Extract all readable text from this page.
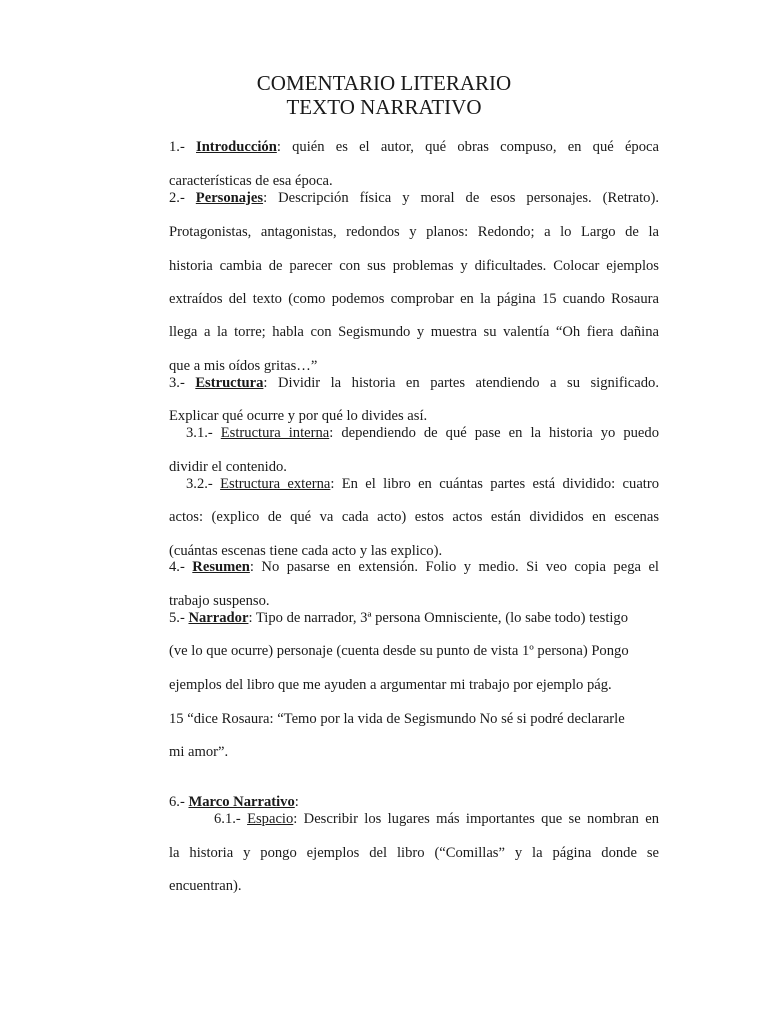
COMENTARIO LITERARIO
TEXTO NARRATIVO
1.- Introducción: quién es el autor, qué obras compuso, en qué época
características de esa época.
2.- Personajes: Descripción física y moral de esos personajes. (Retrato).
Protagonistas, antagonistas, redondos y planos: Redondo; a lo Largo de la
historia cambia de parecer con sus problemas y dificultades. Colocar ejemplos
extraídos del texto (como podemos comprobar en la página 15 cuando Rosaura
llega a la torre; habla con Segismundo y muestra su valentía “Oh fiera dañina
que a mis oídos gritas…”
3.- Estructura: Dividir la historia en partes atendiendo a su significado.
Explicar qué ocurre y por qué lo divides así.
3.1.- Estructura interna: dependiendo de qué pase en la historia yo puedo
dividir el contenido.
3.2.- Estructura externa: En el libro en cuántas partes está dividido: cuatro
actos: (explico de qué va cada acto) estos actos están divididos en escenas
(cuántas escenas tiene cada acto y las explico).
4.- Resumen: No pasarse en extensión. Folio y medio. Si veo copia pega el
trabajo suspenso.
5.- Narrador: Tipo de narrador, 3ª persona Omnisciente, (lo sabe todo) testigo
(ve lo que ocurre) personaje (cuenta desde su punto de vista 1º persona) Pongo
ejemplos del libro que me ayuden a argumentar mi trabajo por ejemplo pág.
15 “dice Rosaura: “Temo por la vida de Segismundo No sé si podré declararle
mi amor”.
6.- Marco Narrativo:
6.1.- Espacio: Describir los lugares más importantes que se nombran en
la historia y pongo ejemplos del libro (“Comillas” y la página donde se
encuentran).
